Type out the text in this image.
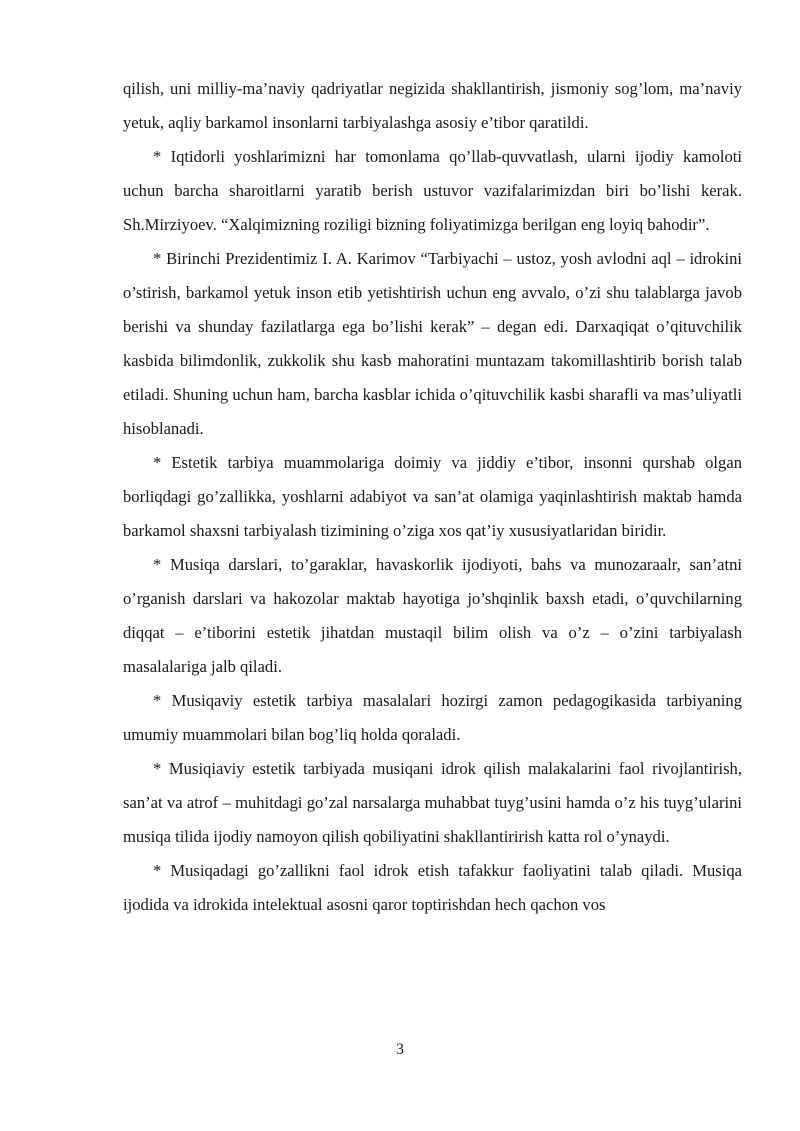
qilish, uni milliy-ma’naviy qadriyatlar negizida shakllantirish, jismoniy sog’lom, ma’naviy yetuk, aqliy barkamol insonlarni tarbiyalashga asosiy e’tibor qaratildi.

* Iqtidorli yoshlarimizni har tomonlama qo’llab-quvvatlash, ularni ijodiy kamoloti uchun barcha sharoitlarni yaratib berish ustuvor vazifalarimizdan biri bo’lishi kerak. Sh.Mirziyoev. “Xalqimizning roziligi bizning foliyatimizga berilgan eng loyiq bahodir”.

* Birinchi Prezidentimiz I. A. Karimov “Tarbiyachi – ustoz, yosh avlodni aql – idrokini o’stirish, barkamol yetuk inson etib yetishtirish uchun eng avvalo, o’zi shu talablarga javob berishi va shunday fazilatlarga ega bo’lishi kerak” – degan edi. Darxaqiqat o’qituvchilik kasbida bilimdonlik, zukkolik shu kasb mahoratini muntazam takomillashtirib borish talab etiladi. Shuning uchun ham, barcha kasblar ichida o’qituvchilik kasbi sharafli va mas’uliyatli hisoblanadi.

* Estetik tarbiya muammolariga doimiy va jiddiy e’tibor, insonni qurshab olgan borliqdagi go’zallikka, yoshlarni adabiyot va san’at olamiga yaqinlashtirish maktab hamda barkamol shaxsni tarbiyalash tizimining o’ziga xos qat’iy xususiyatlaridan biridir.

* Musiqa darslari, to’garaklar, havaskorlik ijodiyoti, bahs va munozaraalr, san’atni o’rganish darslari va hakozolar maktab hayotiga jo’shqinlik baxsh etadi, o’quvchilarning diqqat – e’tiborini estetik jihatdan mustaqil bilim olish va o’z – o’zini tarbiyalash masalalariga jalb qiladi.

* Musiqaviy estetik tarbiya masalalari hozirgi zamon pedagogikasida tarbiyaning umumiy muammolari bilan bog’liq holda qoraladi.

* Musiqiaviy estetik tarbiyada musiqani idrok qilish malakalarini faol rivojlantirish, san’at va atrof – muhitdagi go’zal narsalarga muhabbat tuyg’usini hamda o’z his tuyg’ularini musiqa tilida ijodiy namoyon qilish qobiliyatini shakllantirirish katta rol o’ynaydi.

* Musiqadagi go’zallikni faol idrok etish tafakkur faoliyatini talab qiladi. Musiqa ijodida va idrokida intelektual asosni qaror toptirishdan hech qachon vos

3
